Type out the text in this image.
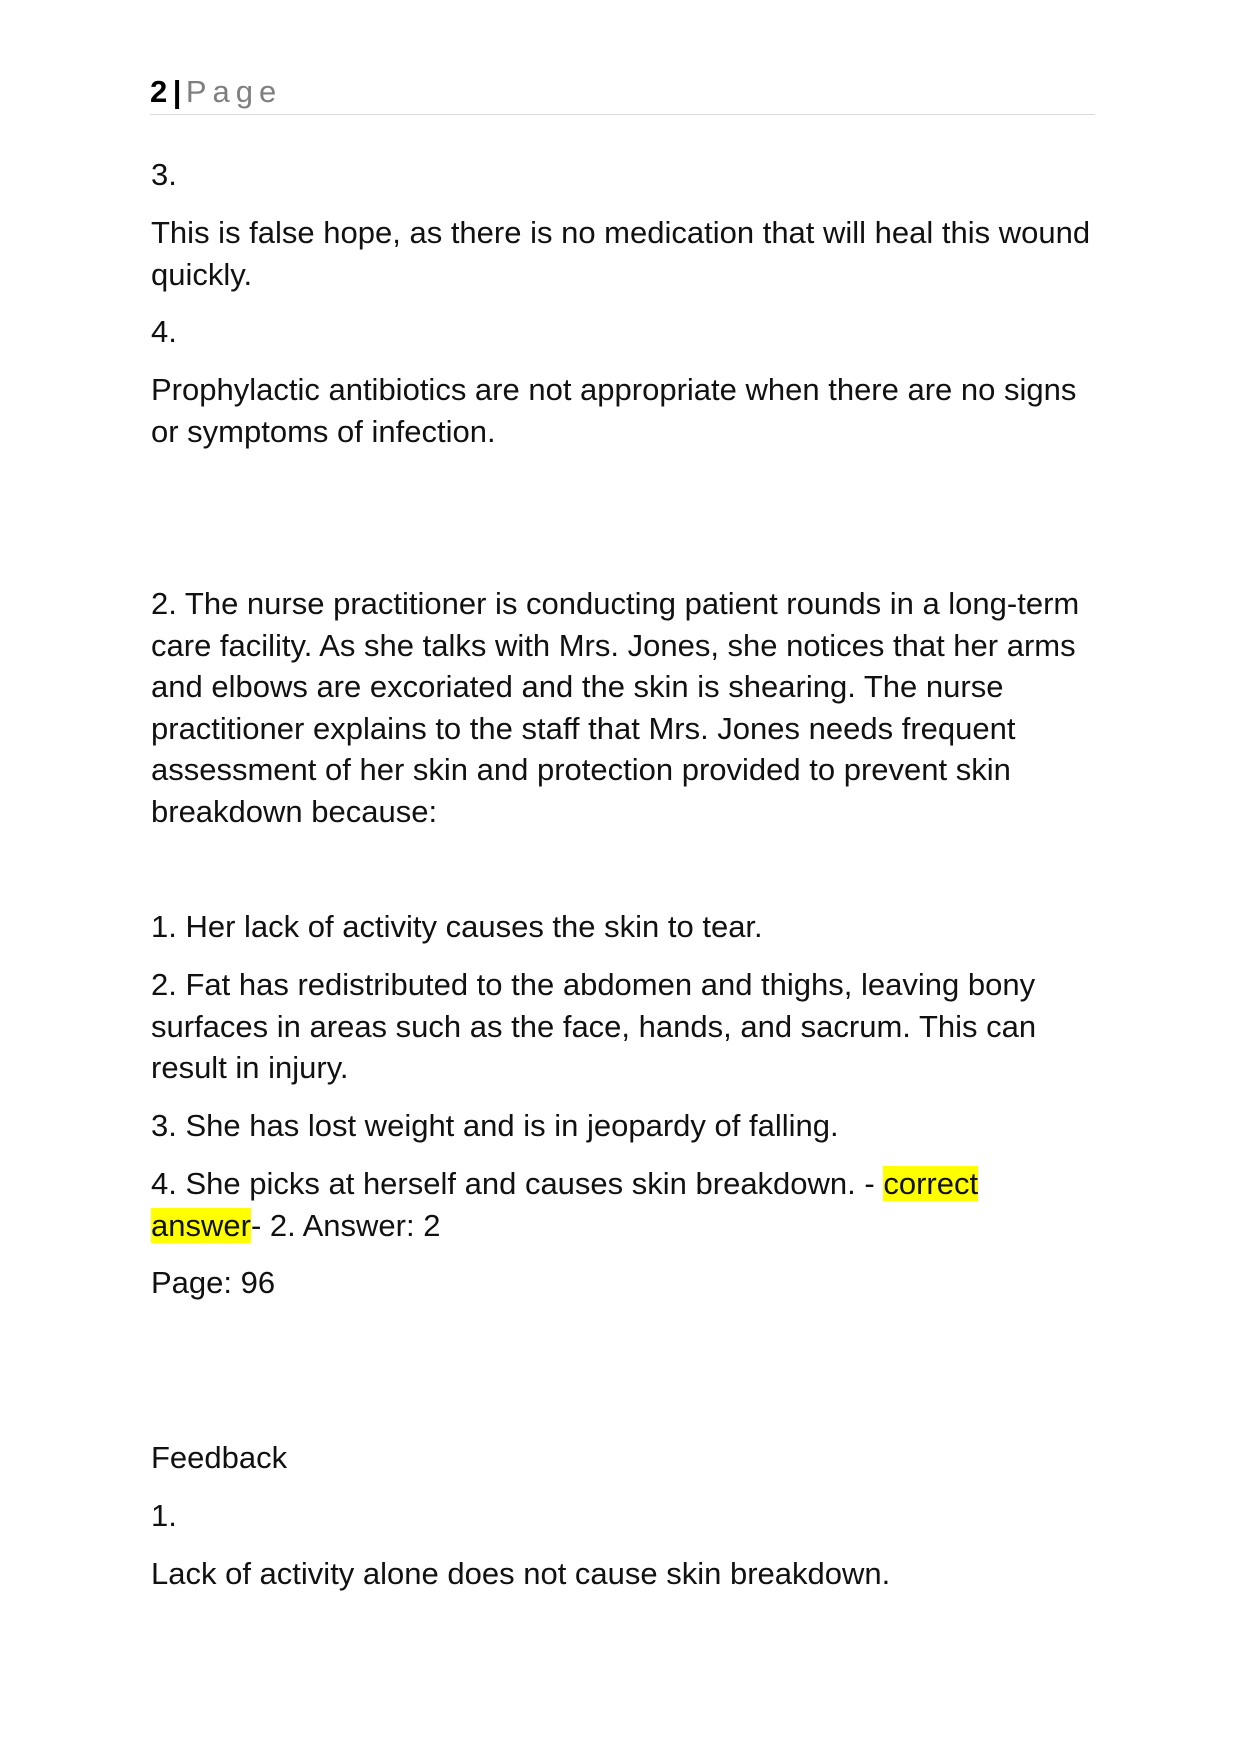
2 | Page
3.
This is false hope, as there is no medication that will heal this wound quickly.
4.
Prophylactic antibiotics are not appropriate when there are no signs or symptoms of infection.
2. The nurse practitioner is conducting patient rounds in a long-term care facility. As she talks with Mrs. Jones, she notices that her arms and elbows are excoriated and the skin is shearing. The nurse practitioner explains to the staff that Mrs. Jones needs frequent assessment of her skin and protection provided to prevent skin breakdown because:
1. Her lack of activity causes the skin to tear.
2. Fat has redistributed to the abdomen and thighs, leaving bony surfaces in areas such as the face, hands, and sacrum. This can result in injury.
3. She has lost weight and is in jeopardy of falling.
4. She picks at herself and causes skin breakdown. - correct answer- 2. Answer: 2
Page: 96
Feedback
1.
Lack of activity alone does not cause skin breakdown.
